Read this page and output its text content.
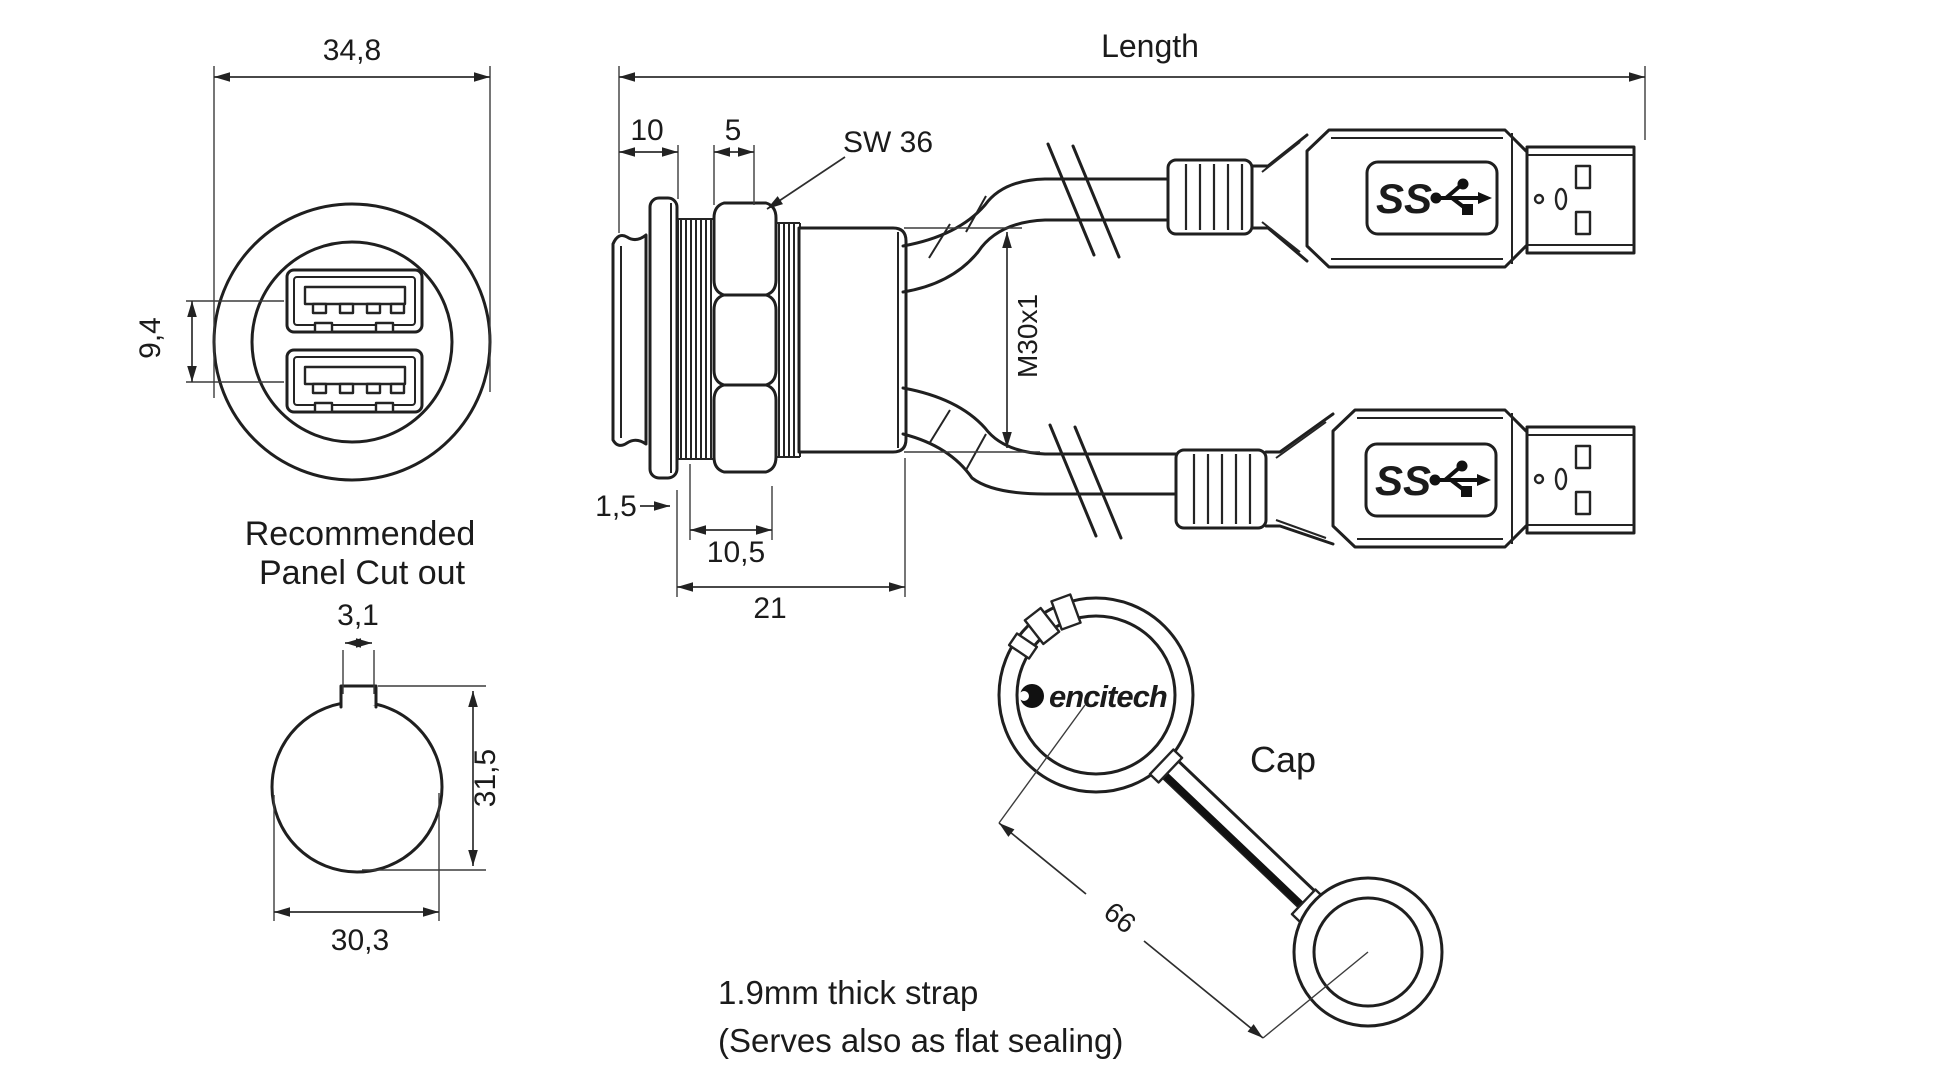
34,8
9,4
Recommended
Panel Cut out
3,1
31,5
30,3
Length
10 5	SW 36
1,5
10,5
21
M30x1
encitech
Cap
66
1.9mm thick strap
(Serves also as flat sealing)
